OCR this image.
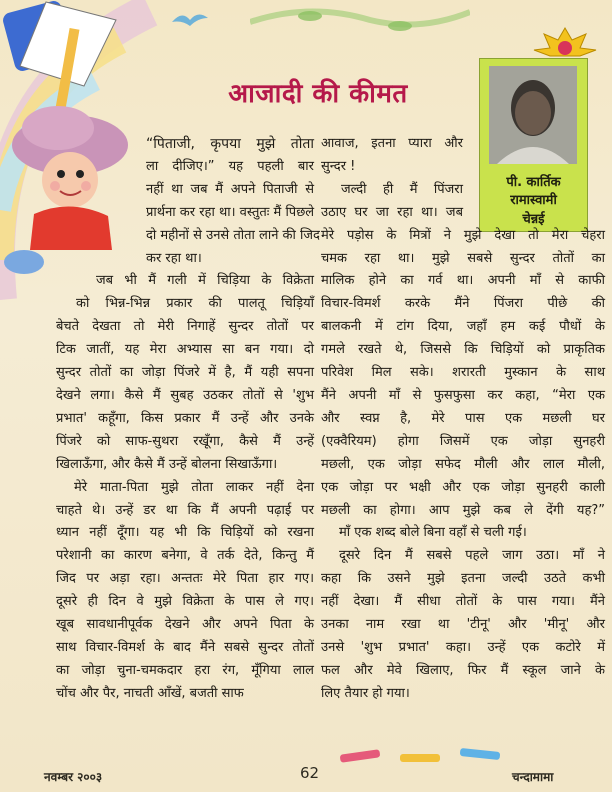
आजादी की कीमत
पी. कार्तिक
रामास्वामी
चेन्नई

“पिताजी, कृपया मुझे तोता

ला दीजिए।” यह पहली बार

नहीं था जब मैं अपने पिताजी से

प्रार्थना कर रहा था। वस्तुतः मैं पिछले

दो महीनों से उनसे तोता लाने की जिद

कर रहा था।

जब भी मैं गली में चिड़िया के विक्रेता

को भिन्न-भिन्न प्रकार की पालतू चिड़ियाँ

बेचते देखता तो मेरी निगाहें सुन्दर तोतों पर

टिक जातीं, यह मेरा अभ्यास सा बन गया। दो

सुन्दर तोतों का जोड़ा पिंजरे में है, मैं यही सपना

देखने लगा। कैसे मैं सुबह उठकर तोतों से 'शुभ

प्रभात' कहूँगा, किस प्रकार मैं उन्हें और उनके

पिंजरे को साफ-सुथरा रखूँगा, कैसे मैं उन्हें

खिलाऊँगा, और कैसे मैं उन्हें बोलना सिखाऊँगा।

मेरे माता-पिता मुझे तोता लाकर नहीं देना

चाहते थे। उन्हें डर था कि मैं अपनी पढ़ाई पर

ध्यान नहीं दूँगा। यह भी कि चिड़ियों को रखना

परेशानी का कारण बनेगा, वे तर्क देते, किन्तु मैं

जिद पर अड़ा रहा। अन्ततः मेरे पिता हार गए।

दूसरे ही दिन वे मुझे विक्रेता के पास ले गए।

खूब सावधानीपूर्वक देखने और अपने पिता के

साथ विचार-विमर्श के बाद मैंने सबसे सुन्दर तोतों

का जोड़ा चुना-चमकदार हरा रंग, मूँगिया लाल

चोंच और पैर, नाचती आँखें, बजती साफ

आवाज, इतना प्यारा और

सुन्दर !

जल्दी ही मैं पिंजरा

उठाए घर जा रहा था। जब

मेरे पड़ोस के मित्रों ने मुझे देखा तो मेरा चेहरा

चमक रहा था। मुझे सबसे सुन्दर तोतों का

मालिक होने का गर्व था। अपनी माँ से काफी

विचार-विमर्श करके मैंने पिंजरा पीछे की

बालकनी में टांग दिया, जहाँ हम कई पौधों के

गमले रखते थे, जिससे कि चिड़ियों को प्राकृतिक

परिवेश मिल सके। शरारती मुस्कान के साथ

मैंने अपनी माँ से फुसफुसा कर कहा, “मेरा एक

और स्वप्न है, मेरे पास एक मछली घर

(एक्वैरियम) होगा जिसमें एक जोड़ा सुनहरी

मछली, एक जोड़ा सफेद मौली और लाल मौली,

एक जोड़ा पर भक्षी और एक जोड़ा सुनहरी काली

मछली का होगा। आप मुझे कब ले देंगी यह?”

माँ एक शब्द बोले बिना वहाँ से चली गई।

दूसरे दिन मैं सबसे पहले जाग उठा। माँ ने

कहा कि उसने मुझे इतना जल्दी उठते कभी

नहीं देखा। मैं सीधा तोतों के पास गया। मैंने

उनका नाम रखा था 'टीनू' और 'मीनू' और

उनसे 'शुभ प्रभात' कहा। उन्हें एक कटोरे में

फल और मेवे खिलाए, फिर मैं स्कूल जाने के

लिए तैयार हो गया।

नवम्बर २००३	62	चन्दामामा
